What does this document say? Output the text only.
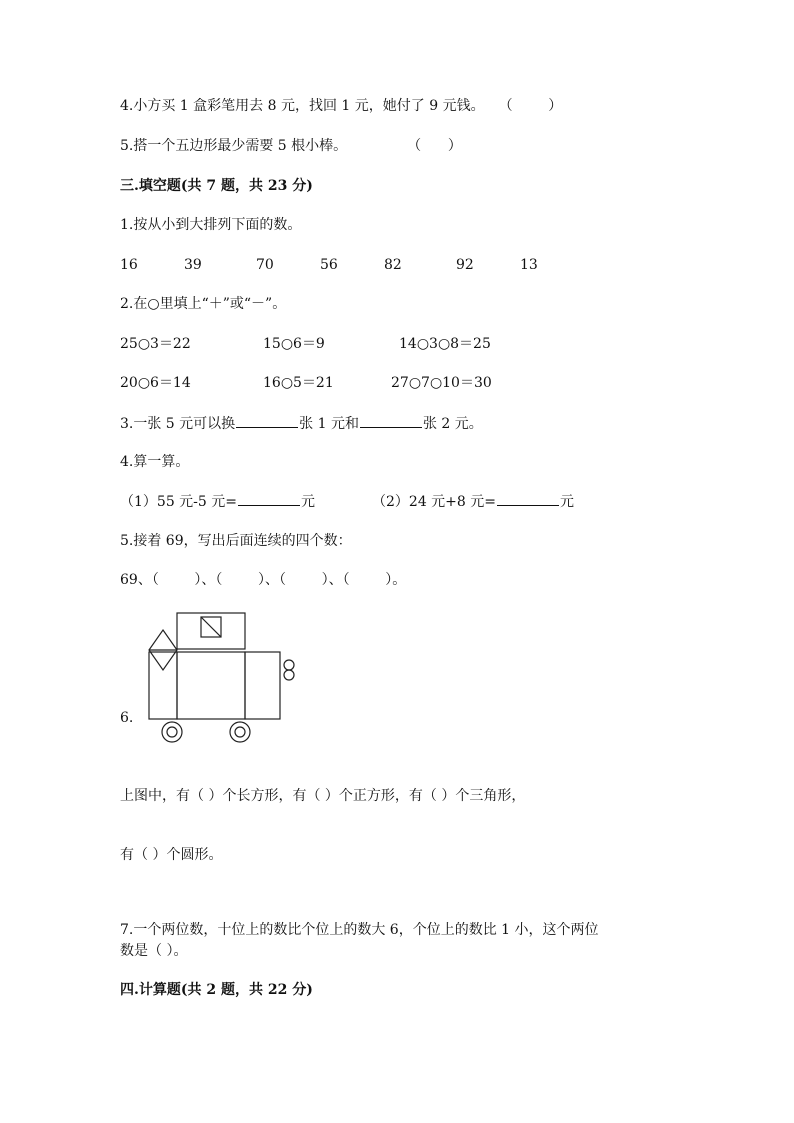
4.小方买 1 盒彩笔用去 8 元，找回 1 元，她付了 9 元钱。 （        ）
5.搭一个五边形最少需要 5 根小棒。	（      ）
三.填空题(共 7 题，共 23 分)
1.按从小到大排列下面的数。
16	39	70	56	82	92	13
2.在○里填上“＋”或“－”。
25○3＝22	15○6＝9	14○3○8＝25
20○6＝14	16○5＝21	27○7○10＝30
3.一张 5 元可以换	张 1 元和	张 2 元。
4.算一算。
（1）55 元-5 元=	元	（2）24 元+8 元=	元
5.接着 69，写出后面连续的四个数：
69、（        ）、（        ）、（        ）、（        ）。
6.
上图中，有（ ）个长方形，有（ ）个正方形，有（ ）个三角形，
有（ ）个圆形。
7.一个两位数，十位上的数比个位上的数大 6，个位上的数比 1 小，这个两位
数是（ ）。
四.计算题(共 2 题，共 22 分)
